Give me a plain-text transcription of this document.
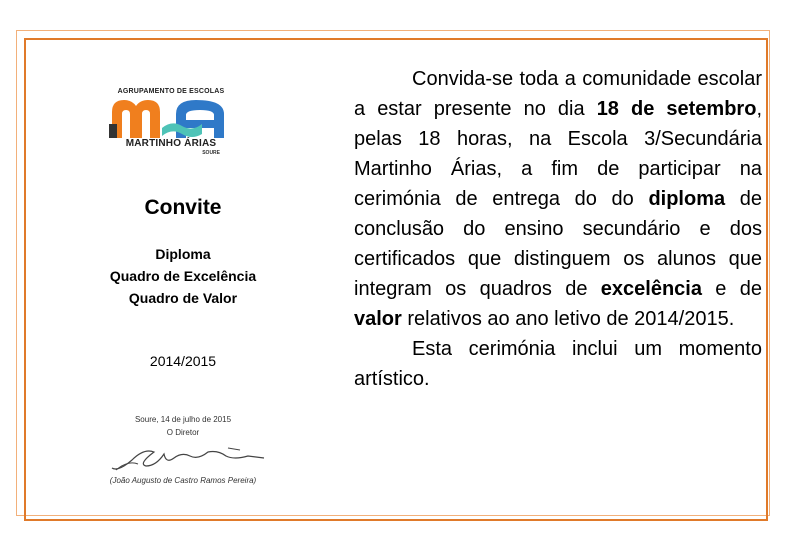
AGRUPAMENTO DE ESCOLAS
MARTINHO ÁRIAS
SOURE
Convite
Diploma
Quadro de Excelência
Quadro de Valor
2014/2015
Soure, 14 de julho de 2015
O Diretor
(João Augusto de Castro Ramos Pereira)

Convida-se toda a comunidade escolar a estar presente no dia 18 de setembro, pelas 18 horas, na Escola 3/Secundária Martinho Árias, a fim de participar na cerimónia de entrega do do diploma de conclusão do ensino secundário e dos certificados que distinguem os alunos que integram os quadros de excelência e de valor relativos ao ano letivo de 2014/2015.

Esta cerimónia inclui um momento artístico.
